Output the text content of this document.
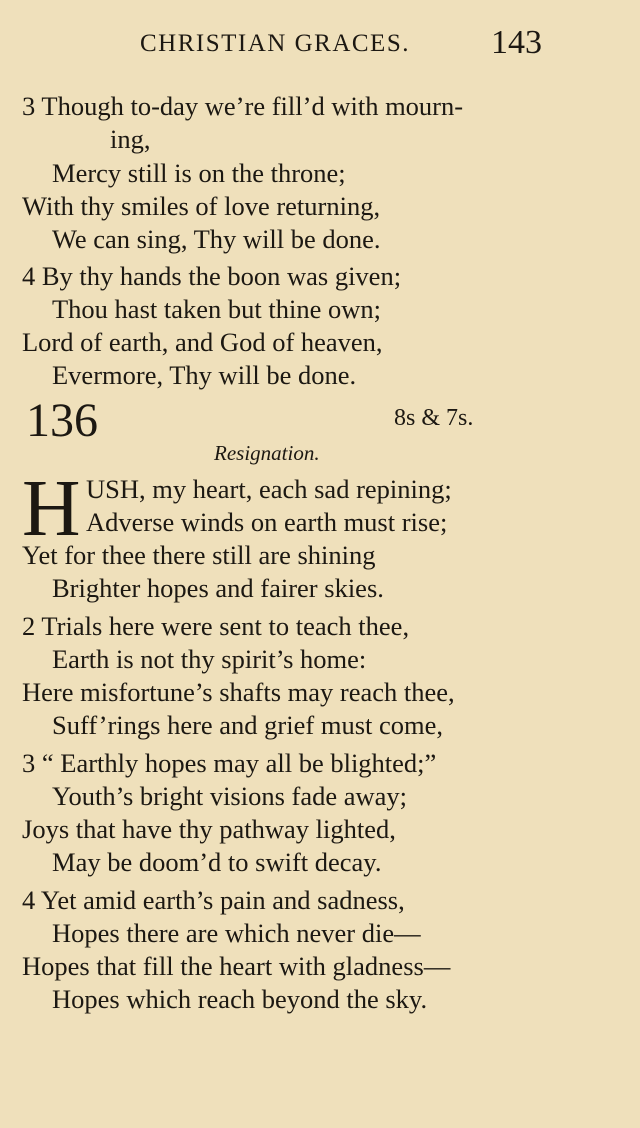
CHRISTIAN GRACES. 143
3 Though to-day we’re fill’d with mourn-
ing,
Mercy still is on the throne;
With thy smiles of love returning,
We can sing, Thy will be done.
4 By thy hands the boon was given;
Thou hast taken but thine own;
Lord of earth, and God of heaven,
Evermore, Thy will be done.
136	8s & 7s.
Resignation.
H USH, my heart, each sad repining;
Adverse winds on earth must rise;
Yet for thee there still are shining
Brighter hopes and fairer skies.
2 Trials here were sent to teach thee,
Earth is not thy spirit’s home:
Here misfortune’s shafts may reach thee,
Suff’rings here and grief must come,
3 “ Earthly hopes may all be blighted;”
Youth’s bright visions fade away;
Joys that have thy pathway lighted,
May be doom’d to swift decay.
4 Yet amid earth’s pain and sadness,
Hopes there are which never die—
Hopes that fill the heart with gladness—
Hopes which reach beyond the sky.
